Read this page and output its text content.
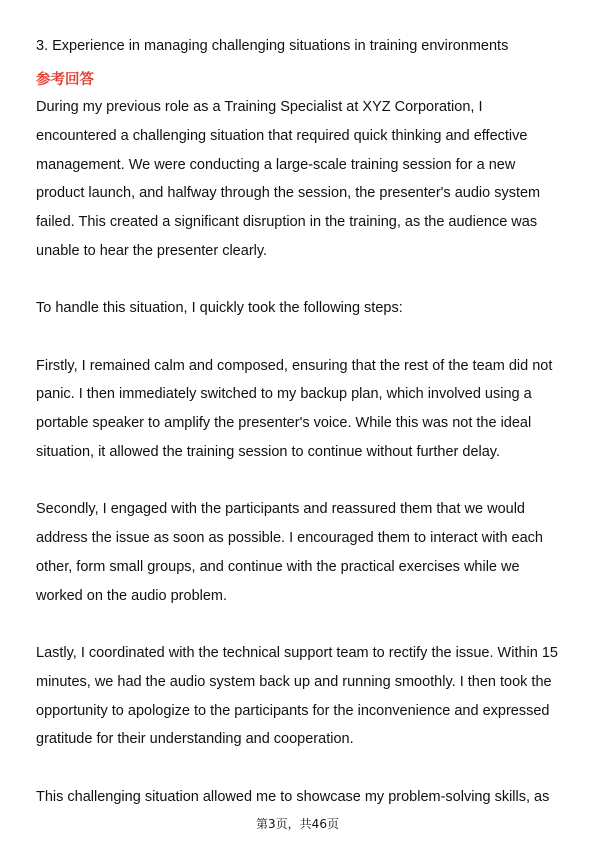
3. Experience in managing challenging situations in training environments
参考回答

During my previous role as a Training Specialist at XYZ Corporation, I
encountered a challenging situation that required quick thinking and effective
management. We were conducting a large-scale training session for a new
product launch, and halfway through the session, the presenter's audio system
failed. This created a significant disruption in the training, as the audience was
unable to hear the presenter clearly.

To handle this situation, I quickly took the following steps:

Firstly, I remained calm and composed, ensuring that the rest of the team did not
panic. I then immediately switched to my backup plan, which involved using a
portable speaker to amplify the presenter's voice. While this was not the ideal
situation, it allowed the training session to continue without further delay.

Secondly, I engaged with the participants and reassured them that we would
address the issue as soon as possible. I encouraged them to interact with each
other, form small groups, and continue with the practical exercises while we
worked on the audio problem.

Lastly, I coordinated with the technical support team to rectify the issue. Within 15
minutes, we had the audio system back up and running smoothly. I then took the
opportunity to apologize to the participants for the inconvenience and expressed
gratitude for their understanding and cooperation.

This challenging situation allowed me to showcase my problem-solving skills, as

第3页，共46页
